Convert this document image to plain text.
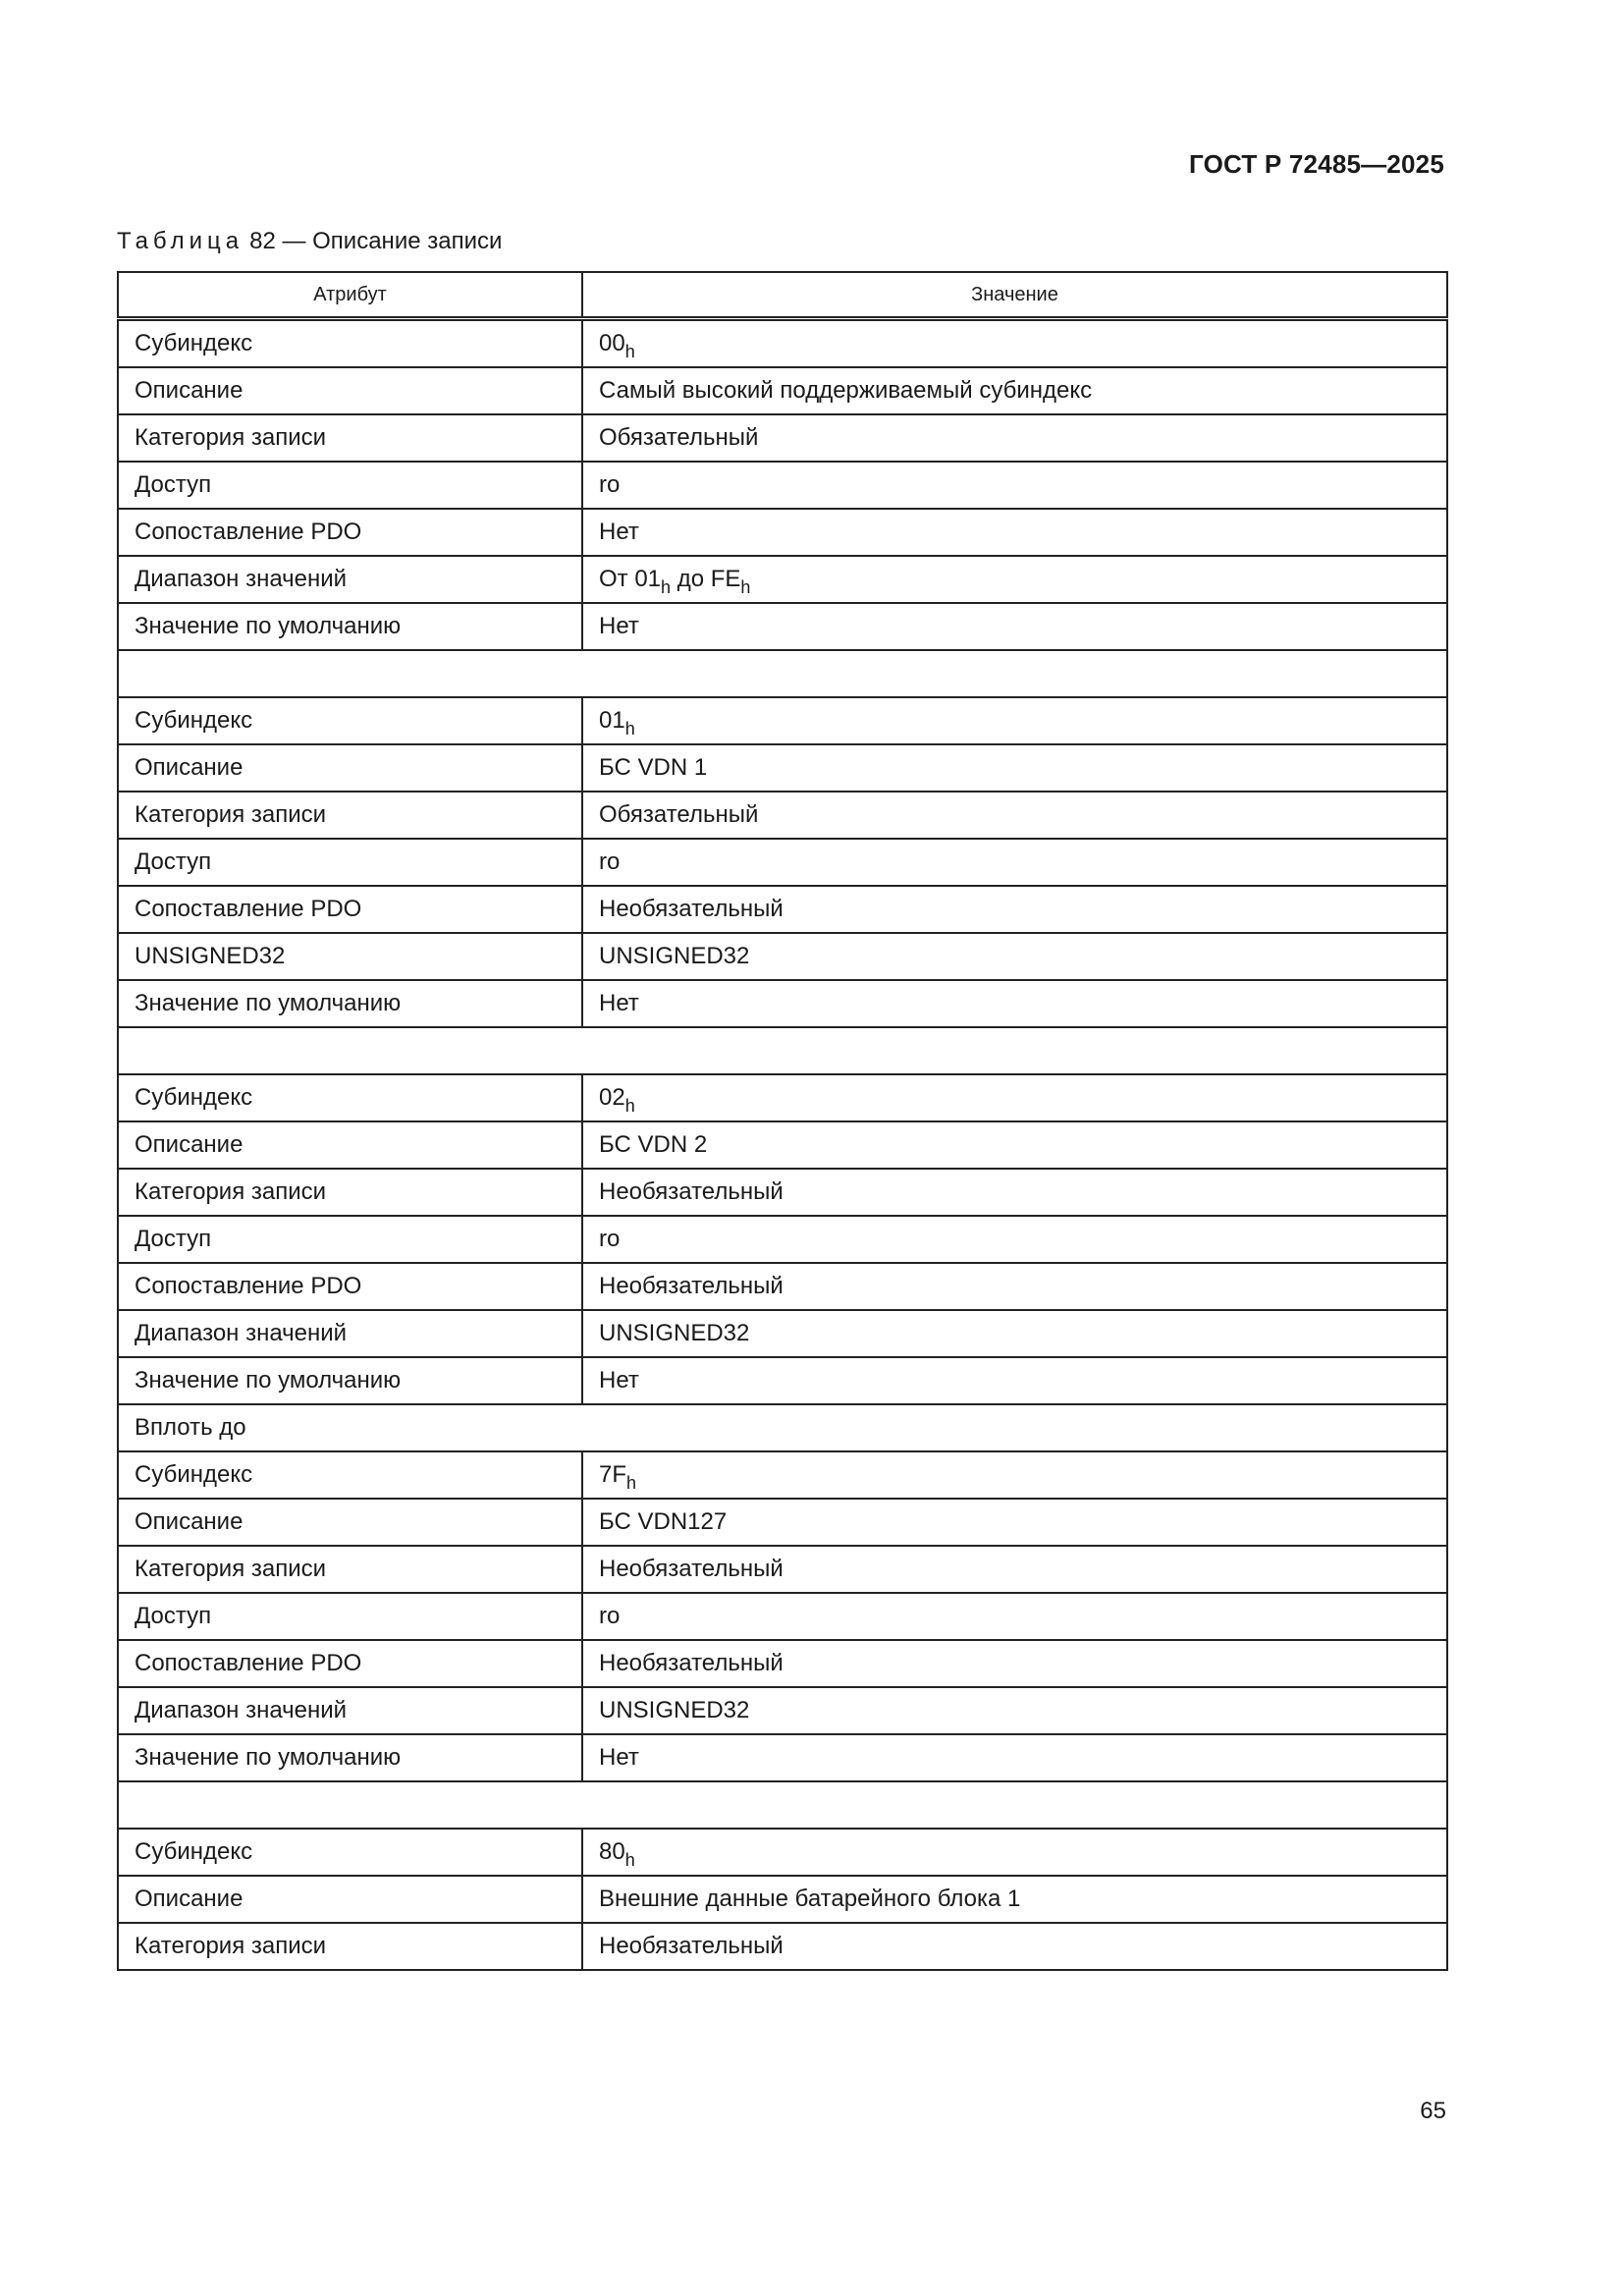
ГОСТ Р 72485—2025
Таблица 82 — Описание записи
Атрибут	Значение
Субиндекс	$00_h$
Описание	Самый высокий поддерживаемый субиндекс
Категория записи	Обязательный
Доступ	ro
Сопоставление PDO	Нет
Диапазон значений	От $01_h$ до $FE_h$
Значение по умолчанию	Нет

Субиндекс	$01_h$
Описание	БС VDN 1
Категория записи	Обязательный
Доступ	ro
Сопоставление PDO	Необязательный
UNSIGNED32	UNSIGNED32
Значение по умолчанию	Нет

Субиндекс	$02_h$
Описание	БС VDN 2
Категория записи	Необязательный
Доступ	ro
Сопоставление PDO	Необязательный
Диапазон значений	UNSIGNED32
Значение по умолчанию	Нет
Вплоть до	
Субиндекс	$7F_h$
Описание	БС VDN127
Категория записи	Необязательный
Доступ	ro
Сопоставление PDO	Необязательный
Диапазон значений	UNSIGNED32
Значение по умолчанию	Нет

Субиндекс	$80_h$
Описание	Внешние данные батарейного блока 1
Категория записи	Необязательный
65
